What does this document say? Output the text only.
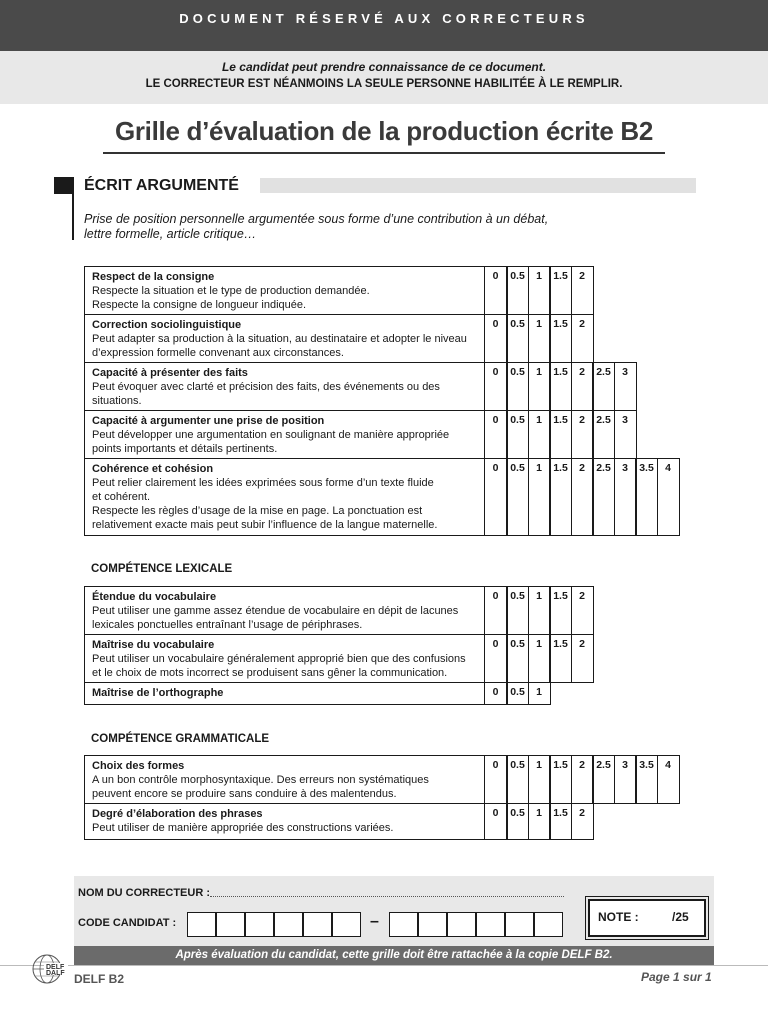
DOCUMENT RÉSERVÉ AUX CORRECTEURS
Le candidat peut prendre connaissance de ce document.
LE CORRECTEUR EST NÉANMOINS LA SEULE PERSONNE HABILITÉE À LE REMPLIR.
Grille d’évaluation de la production écrite B2
ÉCRIT ARGUMENTÉ
Prise de position personnelle argumentée sous forme d’une contribution à un débat,
lettre formelle, article critique…
Respect de la consigne
Respecte la situation et le type de production demandée.
Respecte la consigne de longueur indiquée.
0	0.5	1	1.5	2
Correction sociolinguistique
Peut adapter sa production à la situation, au destinataire et adopter le niveau
d’expression formelle convenant aux circonstances.
0	0.5	1	1.5	2
Capacité à présenter des faits
Peut évoquer avec clarté et précision des faits, des événements ou des
situations.
0	0.5	1	1.5	2	2.5	3
Capacité à argumenter une prise de position
Peut développer une argumentation en soulignant de manière appropriée
points importants et détails pertinents.
0	0.5	1	1.5	2	2.5	3
Cohérence et cohésion
Peut relier clairement les idées exprimées sous forme d’un texte fluide
et cohérent.
Respecte les règles d’usage de la mise en page. La ponctuation est
relativement exacte mais peut subir l’influence de la langue maternelle.
0	0.5	1	1.5	2	2.5	3	3.5	4
COMPÉTENCE LEXICALE
Étendue du vocabulaire
Peut utiliser une gamme assez étendue de vocabulaire en dépit de lacunes
lexicales ponctuelles entraînant l’usage de périphrases.
0	0.5	1	1.5	2
Maîtrise du vocabulaire
Peut utiliser un vocabulaire généralement approprié bien que des confusions
et le choix de mots incorrect se produisent sans gêner la communication.
0	0.5	1	1.5	2
Maîtrise de l’orthographe	0	0.5	1
COMPÉTENCE GRAMMATICALE
Choix des formes
A un bon contrôle morphosyntaxique. Des erreurs non systématiques
peuvent encore se produire sans conduire à des malentendus.
0	0.5	1	1.5	2	2.5	3	3.5	4
Degré d’élaboration des phrases
Peut utiliser de manière appropriée des constructions variées.
0	0.5	1	1.5	2
NOM DU CORRECTEUR :
CODE CANDIDAT :	–	NOTE :	/25
Après évaluation du candidat, cette grille doit être rattachée à la copie DELF B2.
DELF
DALF DELF B2	Page 1 sur 1
